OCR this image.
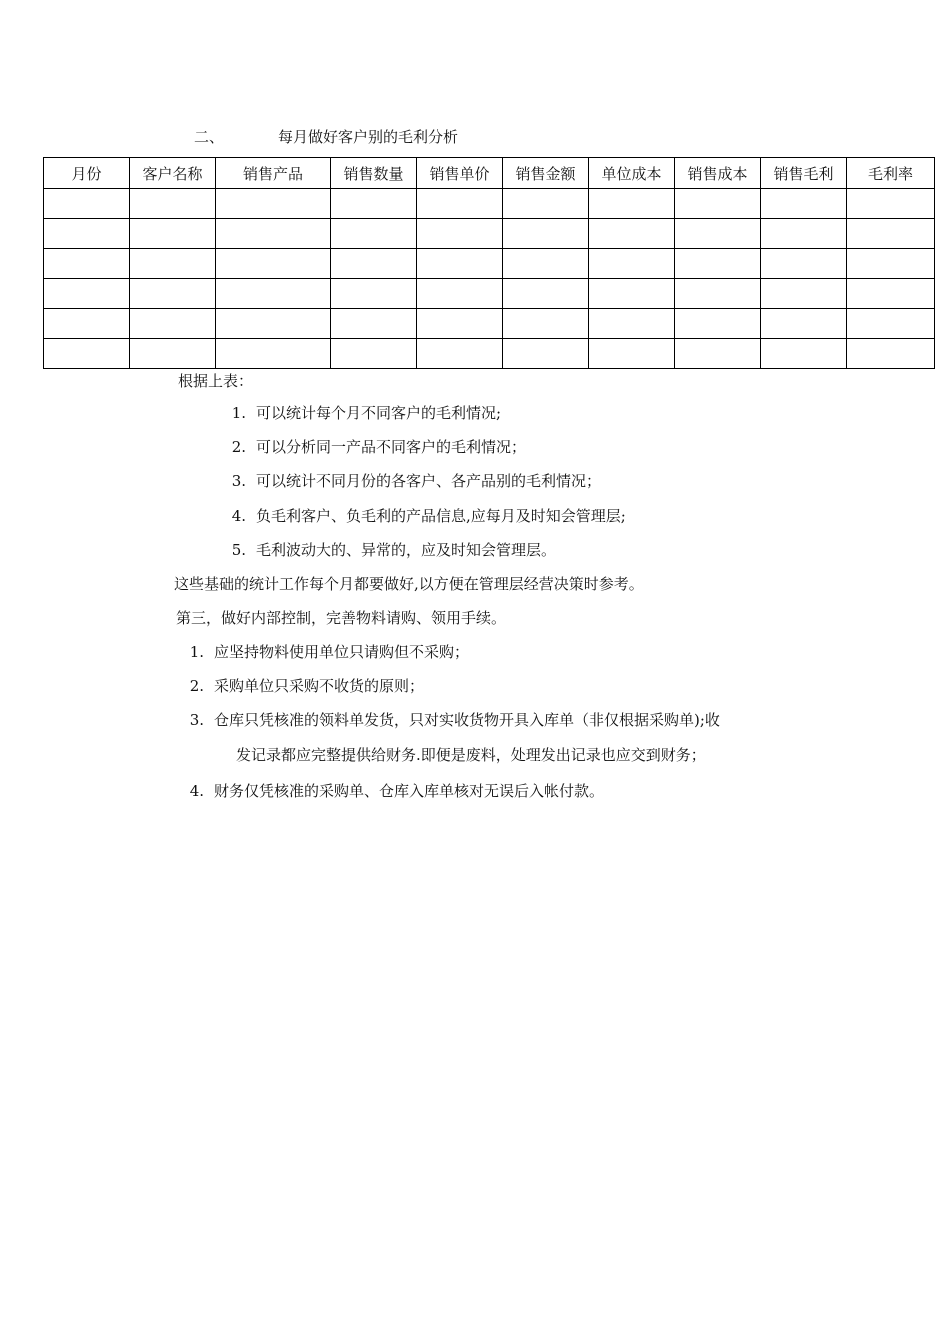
二、	每月做好客户别的毛利分析
月份	客户名称	销售产品	销售数量	销售单价	销售金额	单位成本	销售成本	销售毛利	毛利率

根据上表：
1. 可以统计每个月不同客户的毛利情况;
2. 可以分析同一产品不同客户的毛利情况；
3. 可以统计不同月份的各客户、各产品别的毛利情况；
4. 负毛利客户、负毛利的产品信息,应每月及时知会管理层;
5. 毛利波动大的、异常的，应及时知会管理层。
这些基础的统计工作每个月都要做好,以方便在管理层经营决策时参考。
第三，做好内部控制，完善物料请购、领用手续。
1. 应坚持物料使用单位只请购但不采购；
2. 采购单位只采购不收货的原则；
3. 仓库只凭核准的领料单发货，只对实收货物开具入库单（非仅根据采购单);收
发记录都应完整提供给财务.即便是废料，处理发出记录也应交到财务；
4. 财务仅凭核准的采购单、仓库入库单核对无误后入帐付款。
